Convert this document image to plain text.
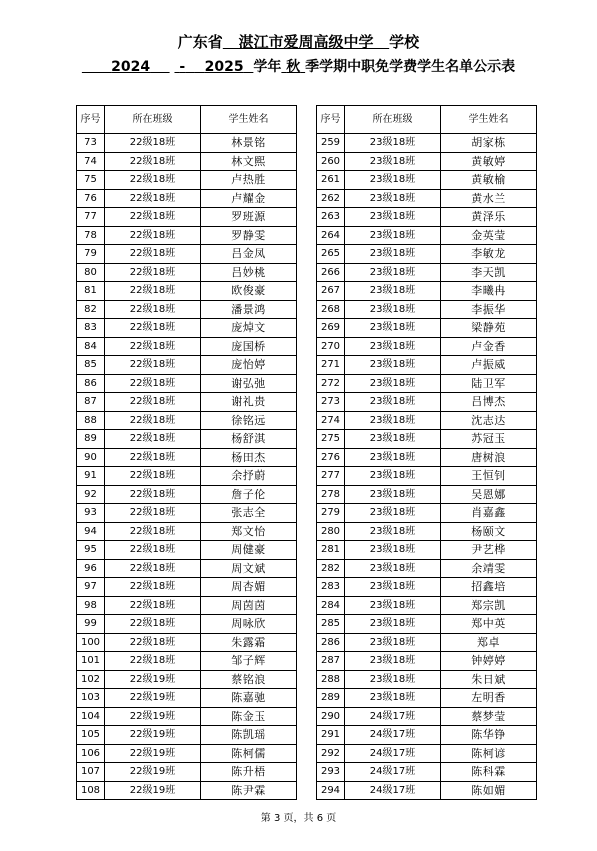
广东省 湛江市爱周高级中学 学校
2024 - 2025 学年 秋 季学期中职免学费学生名单公示表
序号	所在班级	学生姓名
73	22级18班	林景铭
74	22级18班	林文熙
75	22级18班	卢热胜
76	22级18班	卢耀金
77	22级18班	罗班源
78	22级18班	罗静雯
79	22级18班	吕金凤
80	22级18班	吕妙桃
81	22级18班	欧俊豪
82	22级18班	潘景鸿
83	22级18班	庞焯文
84	22级18班	庞国桥
85	22级18班	庞怡婷
86	22级18班	谢弘弛
87	22级18班	谢礼贵
88	22级18班	徐铭远
89	22级18班	杨舒淇
90	22级18班	杨田杰
91	22级18班	余抒蔚
92	22级18班	詹子伦
93	22级18班	张志全
94	22级18班	郑文怡
95	22级18班	周健豪
96	22级18班	周文斌
97	22级18班	周杏媚
98	22级18班	周茵茵
99	22级18班	周咏欣
100	22级18班	朱露霜
101	22级18班	邹子辉
102	22级19班	蔡铭浪
103	22级19班	陈嘉驰
104	22级19班	陈金玉
105	22级19班	陈凯瑶
106	22级19班	陈柯儒
107	22级19班	陈升梧
108	22级19班	陈尹霖
序号	所在班级	学生姓名
259	23级18班	胡家栋
260	23级18班	黄敏婷
261	23级18班	黄敏榆
262	23级18班	黄水兰
263	23级18班	黄泽乐
264	23级18班	金英莹
265	23级18班	李敏龙
266	23级18班	李天凯
267	23级18班	李曦冉
268	23级18班	李振华
269	23级18班	梁静苑
270	23级18班	卢金香
271	23级18班	卢振威
272	23级18班	陆卫军
273	23级18班	吕博杰
274	23级18班	沈志达
275	23级18班	苏冠玉
276	23级18班	唐树浪
277	23级18班	王恒钊
278	23级18班	吴恩娜
279	23级18班	肖嘉鑫
280	23级18班	杨颐文
281	23级18班	尹艺桦
282	23级18班	余靖雯
283	23级18班	招鑫培
284	23级18班	郑宗凯
285	23级18班	郑中英
286	23级18班	郑卓
287	23级18班	钟婷婷
288	23级18班	朱日斌
289	23级18班	左明香
290	24级17班	蔡梦莹
291	24级17班	陈华铮
292	24级17班	陈柯谚
293	24级17班	陈科霖
294	24级17班	陈如媚
第 3 页，共 6 页
